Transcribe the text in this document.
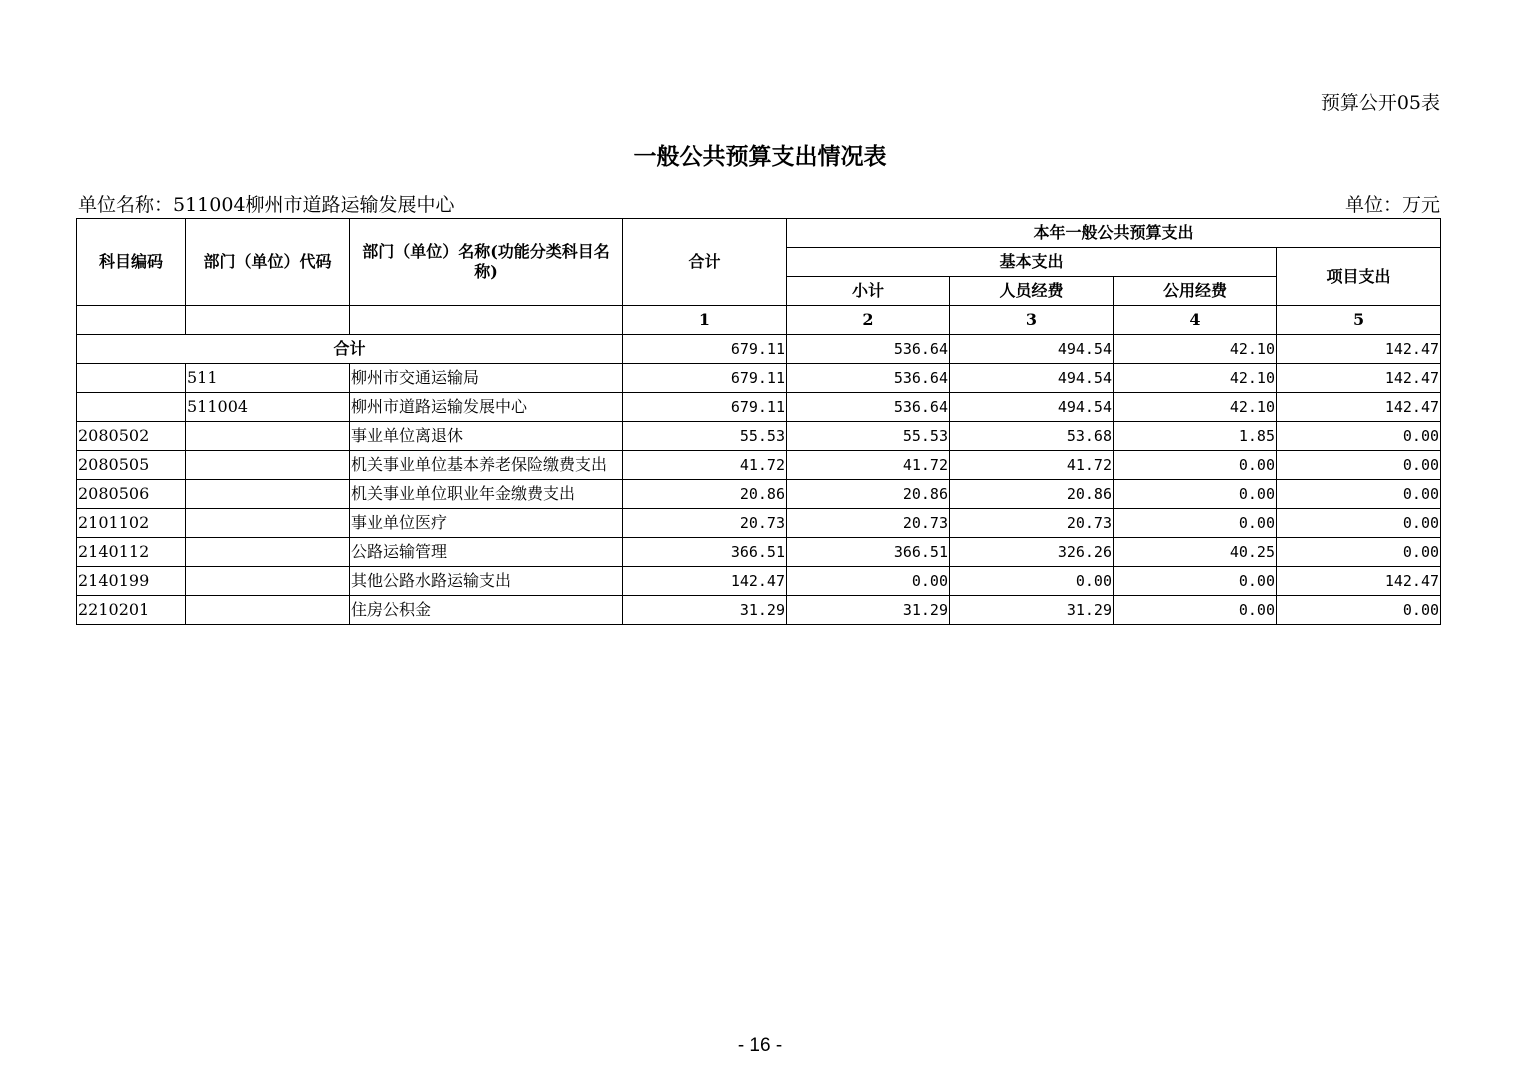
预算公开05表
一般公共预算支出情况表
单位名称：511004柳州市道路运输发展中心	单位：万元
科目编码	部门（单位）代码	部门（单位）名称(功能分类科目名称)	合计	本年一般公共预算支出			
				基本支出			项目支出
				小计	人员经费	公用经费	
			1	2	3	4	5
合计			679.11	536.64	494.54	42.10	142.47
	511	柳州市交通运输局	679.11	536.64	494.54	42.10	142.47
	511004	柳州市道路运输发展中心	679.11	536.64	494.54	42.10	142.47
2080502		事业单位离退休	55.53	55.53	53.68	1.85	0.00
2080505		机关事业单位基本养老保险缴费支出	41.72	41.72	41.72	0.00	0.00
2080506		机关事业单位职业年金缴费支出	20.86	20.86	20.86	0.00	0.00
2101102		事业单位医疗	20.73	20.73	20.73	0.00	0.00
2140112		公路运输管理	366.51	366.51	326.26	40.25	0.00
2140199		其他公路水路运输支出	142.47	0.00	0.00	0.00	142.47
2210201		住房公积金	31.29	31.29	31.29	0.00	0.00
- 16 -
